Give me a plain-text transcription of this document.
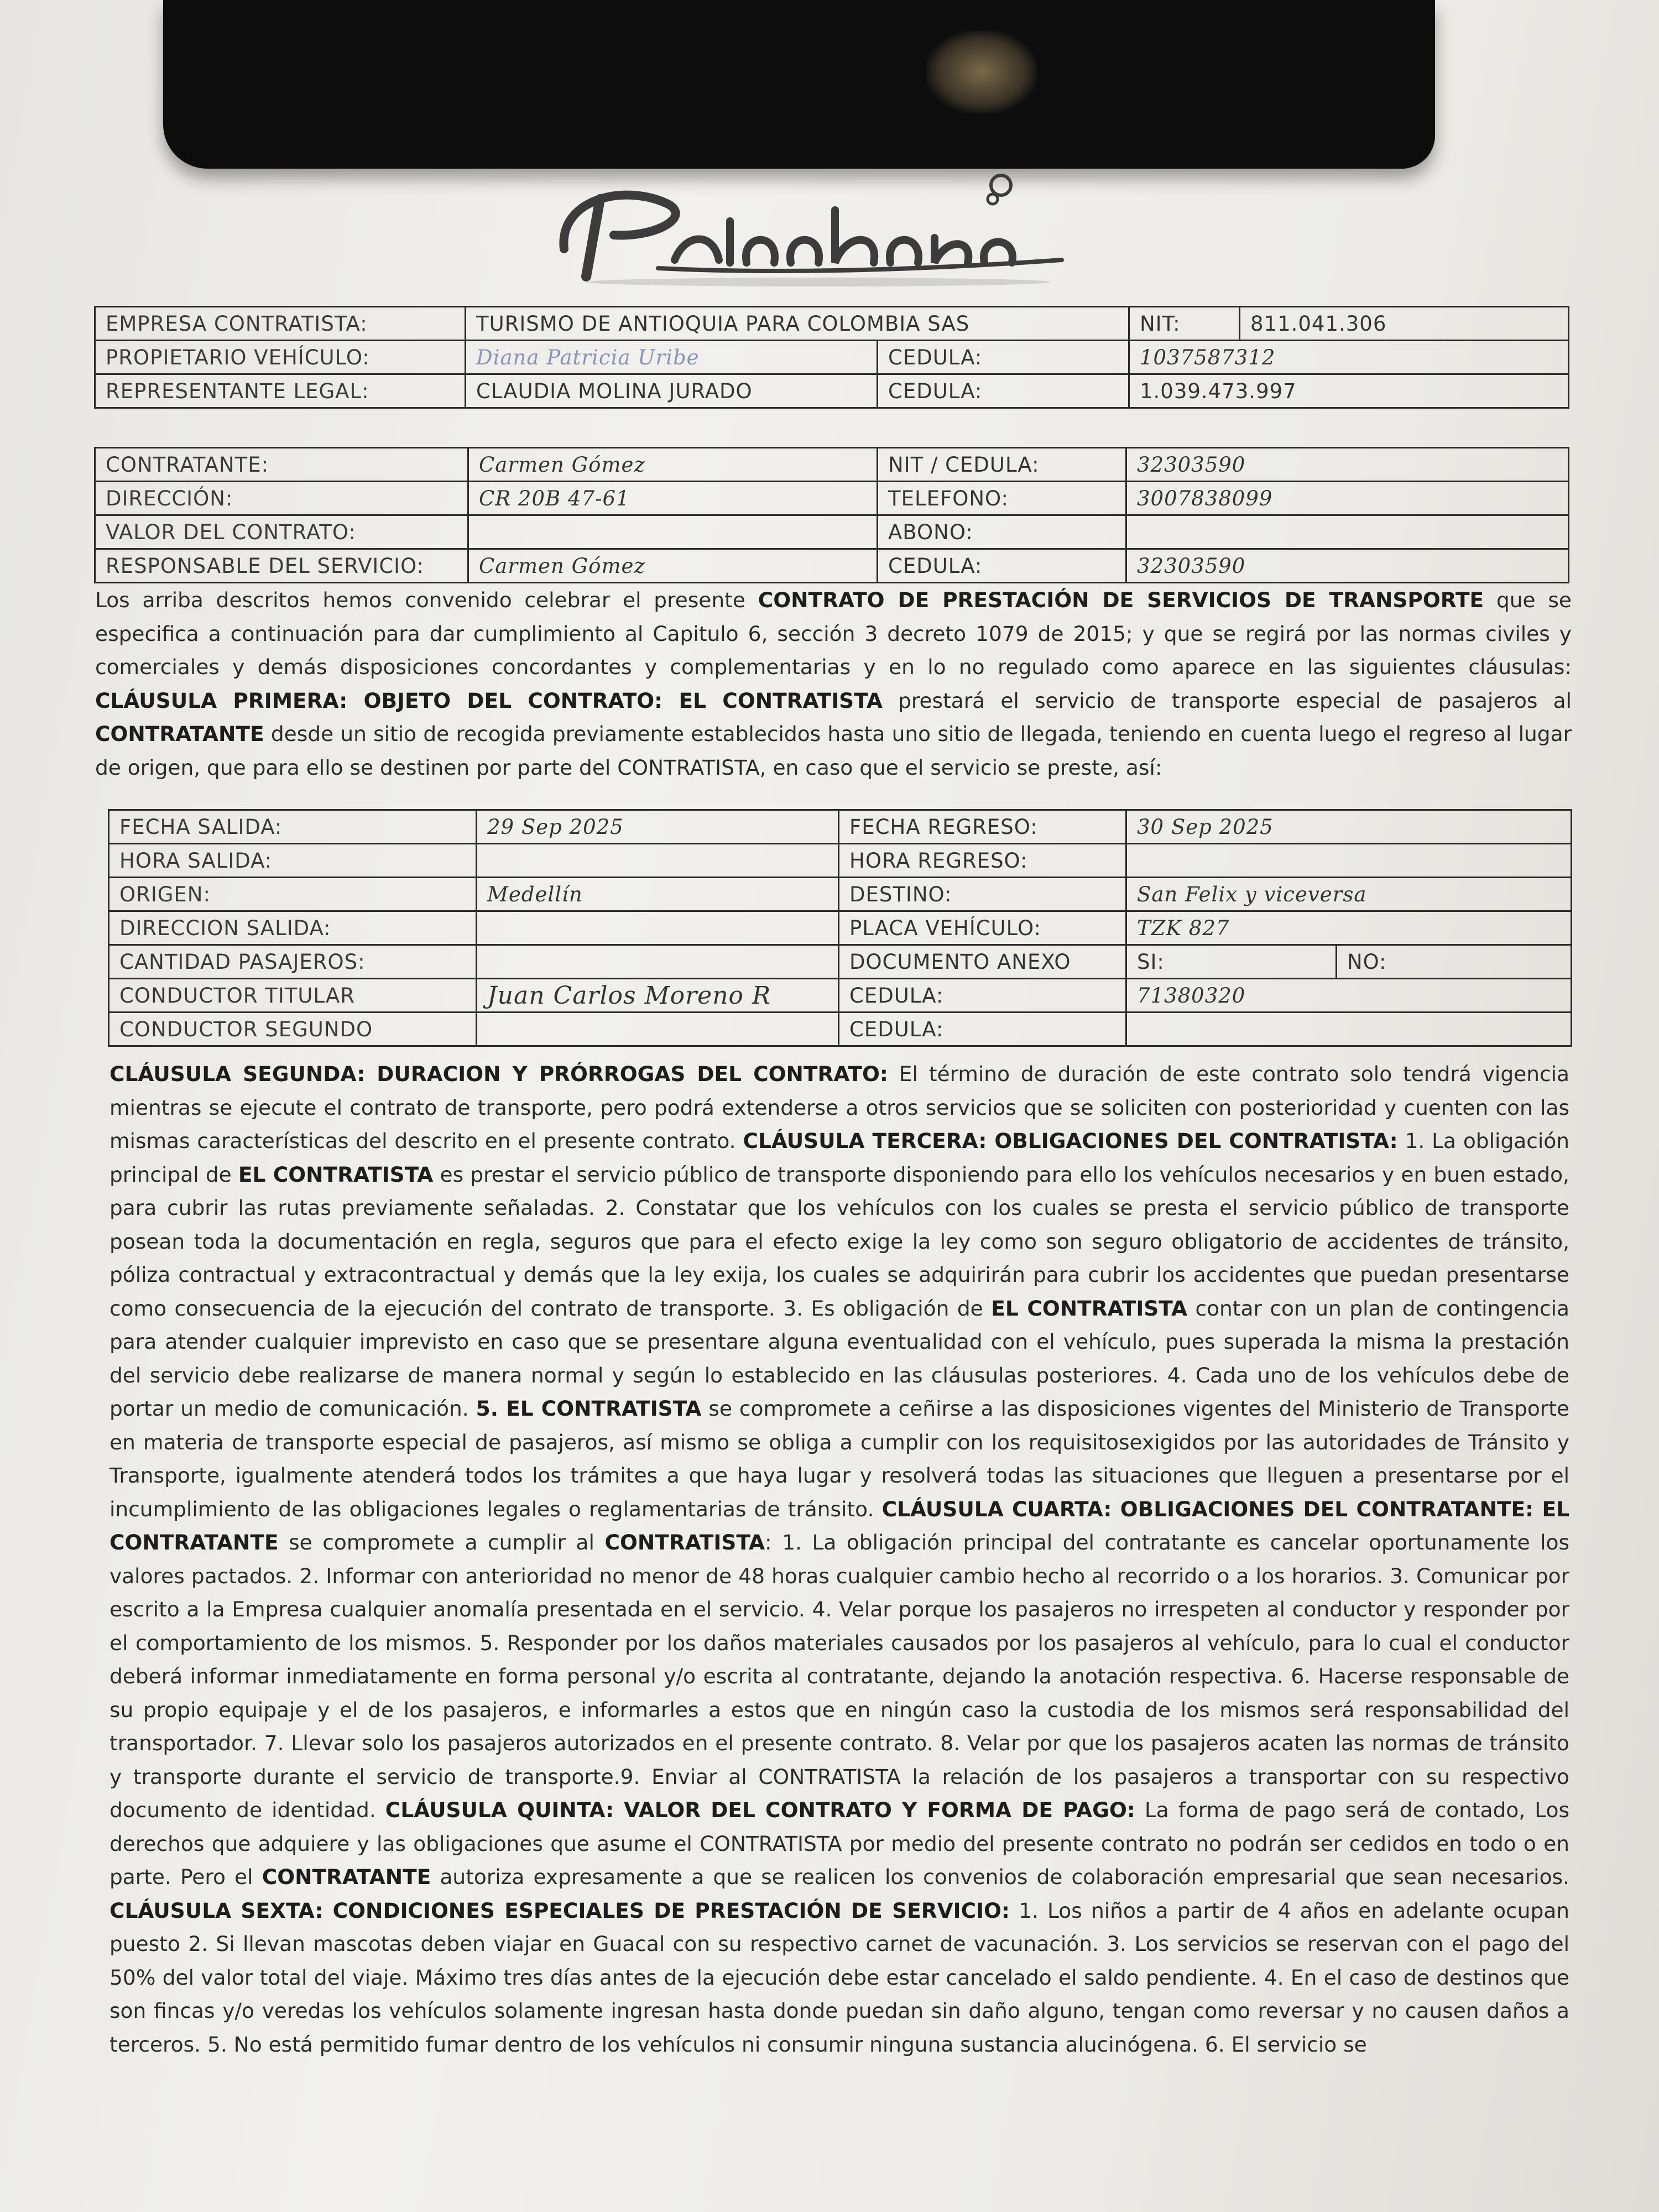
EMPRESA CONTRATISTA:	TURISMO DE ANTIOQUIA PARA COLOMBIA SAS		NIT:	811.041.306
PROPIETARIO VEHÍCULO:	Diana Patricia Uribe	CEDULA:	1037587312	
REPRESENTANTE LEGAL:	CLAUDIA MOLINA JURADO	CEDULA:	1.039.473.997	
CONTRATANTE:	Carmen Gómez	NIT / CEDULA:	32303590
DIRECCIÓN:	CR 20B 47-61	TELEFONO:	3007838099
VALOR DEL CONTRATO:		ABONO:	
RESPONSABLE DEL SERVICIO:	Carmen Gómez	CEDULA:	32303590
Los arriba descritos hemos convenido celebrar el presente CONTRATO DE PRESTACIÓN DE SERVICIOS DE TRANSPORTE que se especifica a continuación para dar cumplimiento al Capitulo 6, sección 3 decreto 1079 de 2015; y que se regirá por las normas civiles y comerciales y demás disposiciones concordantes y complementarias y en lo no regulado como aparece en las siguientes cláusulas: CLÁUSULA PRIMERA: OBJETO DEL CONTRATO: EL CONTRATISTA prestará el servicio de transporte especial de pasajeros al CONTRATANTE desde un sitio de recogida previamente establecidos hasta uno sitio de llegada, teniendo en cuenta luego el regreso al lugar de origen, que para ello se destinen por parte del CONTRATISTA, en caso que el servicio se preste, así:
FECHA SALIDA:	29 Sep 2025	FECHA REGRESO:	30 Sep 2025	
HORA SALIDA:		HORA REGRESO:		
ORIGEN:	Medellín	DESTINO:	San Felix y viceversa	
DIRECCION SALIDA:		PLACA VEHÍCULO:	TZK 827	
CANTIDAD PASAJEROS:		DOCUMENTO ANEXO	SI:	NO:
CONDUCTOR TITULAR	Juan Carlos Moreno R	CEDULA:	71380320	
CONDUCTOR SEGUNDO		CEDULA:		
CLÁUSULA SEGUNDA: DURACION Y PRÓRROGAS DEL CONTRATO: El término de duración de este contrato solo tendrá vigencia mientras se ejecute el contrato de transporte, pero podrá extenderse a otros servicios que se soliciten con posterioridad y cuenten con las mismas características del descrito en el presente contrato. CLÁUSULA TERCERA: OBLIGACIONES DEL CONTRATISTA: 1. La obligación principal de EL CONTRATISTA es prestar el servicio público de transporte disponiendo para ello los vehículos necesarios y en buen estado, para cubrir las rutas previamente señaladas. 2. Constatar que los vehículos con los cuales se presta el servicio público de transporte posean toda la documentación en regla, seguros que para el efecto exige la ley como son seguro obligatorio de accidentes de tránsito, póliza contractual y extracontractual y demás que la ley exija, los cuales se adquirirán para cubrir los accidentes que puedan presentarse como consecuencia de la ejecución del contrato de transporte. 3. Es obligación de EL CONTRATISTA contar con un plan de contingencia para atender cualquier imprevisto en caso que se presentare alguna eventualidad con el vehículo, pues superada la misma la prestación del servicio debe realizarse de manera normal y según lo establecido en las cláusulas posteriores. 4. Cada uno de los vehículos debe de portar un medio de comunicación. 5. EL CONTRATISTA se compromete a ceñirse a las disposiciones vigentes del Ministerio de Transporte en materia de transporte especial de pasajeros, así mismo se obliga a cumplir con los requisitosexigidos por las autoridades de Tránsito y Transporte, igualmente atenderá todos los trámites a que haya lugar y resolverá todas las situaciones que lleguen a presentarse por el incumplimiento de las obligaciones legales o reglamentarias de tránsito. CLÁUSULA CUARTA: OBLIGACIONES DEL CONTRATANTE: EL CONTRATANTE se compromete a cumplir al CONTRATISTA: 1. La obligación principal del contratante es cancelar oportunamente los valores pactados. 2. Informar con anterioridad no menor de 48 horas cualquier cambio hecho al recorrido o a los horarios. 3. Comunicar por escrito a la Empresa cualquier anomalía presentada en el servicio. 4. Velar porque los pasajeros no irrespeten al conductor y responder por el comportamiento de los mismos. 5. Responder por los daños materiales causados por los pasajeros al vehículo, para lo cual el conductor deberá informar inmediatamente en forma personal y/o escrita al contratante, dejando la anotación respectiva. 6. Hacerse responsable de su propio equipaje y el de los pasajeros, e informarles a estos que en ningún caso la custodia de los mismos será responsabilidad del transportador. 7. Llevar solo los pasajeros autorizados en el presente contrato. 8. Velar por que los pasajeros acaten las normas de tránsito y transporte durante el servicio de transporte.9. Enviar al CONTRATISTA la relación de los pasajeros a transportar con su respectivo documento de identidad. CLÁUSULA QUINTA: VALOR DEL CONTRATO Y FORMA DE PAGO: La forma de pago será de contado, Los derechos que adquiere y las obligaciones que asume el CONTRATISTA por medio del presente contrato no podrán ser cedidos en todo o en parte. Pero el CONTRATANTE autoriza expresamente a que se realicen los convenios de colaboración empresarial que sean necesarios. CLÁUSULA SEXTA: CONDICIONES ESPECIALES DE PRESTACIÓN DE SERVICIO: 1. Los niños a partir de 4 años en adelante ocupan puesto 2. Si llevan mascotas deben viajar en Guacal con su respectivo carnet de vacunación. 3. Los servicios se reservan con el pago del 50% del valor total del viaje. Máximo tres días antes de la ejecución debe estar cancelado el saldo pendiente. 4. En el caso de destinos que son fincas y/o veredas los vehículos solamente ingresan hasta donde puedan sin daño alguno, tengan como reversar y no causen daños a terceros. 5. No está permitido fumar dentro de los vehículos ni consumir ninguna sustancia alucinógena. 6. El servicio se
